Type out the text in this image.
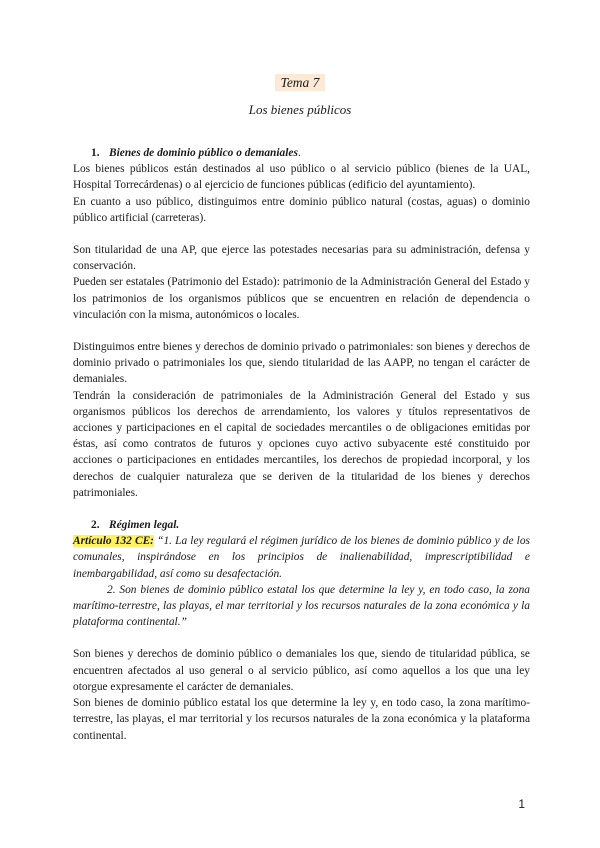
Tema 7
Los bienes públicos

1. Bienes de dominio público o demaniales.

Los bienes públicos están destinados al uso público o al servicio público (bienes de la UAL, Hospital Torrecárdenas) o al ejercicio de funciones públicas (edificio del ayuntamiento).

En cuanto a uso público, distinguimos entre dominio público natural (costas, aguas) o dominio público artificial (carreteras).

Son titularidad de una AP, que ejerce las potestades necesarias para su administración, defensa y conservación.

Pueden ser estatales (Patrimonio del Estado): patrimonio de la Administración General del Estado y los patrimonios de los organismos públicos que se encuentren en relación de dependencia o vinculación con la misma, autonómicos o locales.

Distinguimos entre bienes y derechos de dominio privado o patrimoniales: son bienes y derechos de dominio privado o patrimoniales los que, siendo titularidad de las AAPP, no tengan el carácter de demaniales.

Tendrán la consideración de patrimoniales de la Administración General del Estado y sus organismos públicos los derechos de arrendamiento, los valores y títulos representativos de acciones y participaciones en el capital de sociedades mercantiles o de obligaciones emitidas por éstas, así como contratos de futuros y opciones cuyo activo subyacente esté constituido por acciones o participaciones en entidades mercantiles, los derechos de propiedad incorporal, y los derechos de cualquier naturaleza que se deriven de la titularidad de los bienes y derechos patrimoniales.

2. Régimen legal.

Artículo 132 CE: “1. La ley regulará el régimen jurídico de los bienes de dominio público y de los comunales, inspirándose en los principios de inalienabilidad, imprescriptibilidad e inembargabilidad, así como su desafectación.

2. Son bienes de dominio público estatal los que determine la ley y, en todo caso, la zona marítimo-terrestre, las playas, el mar territorial y los recursos naturales de la zona económica y la plataforma continental.”

Son bienes y derechos de dominio público o demaniales los que, siendo de titularidad pública, se encuentren afectados al uso general o al servicio público, así como aquellos a los que una ley otorgue expresamente el carácter de demaniales.

Son bienes de dominio público estatal los que determine la ley y, en todo caso, la zona marítimo-terrestre, las playas, el mar territorial y los recursos naturales de la zona económica y la plataforma continental.

1
